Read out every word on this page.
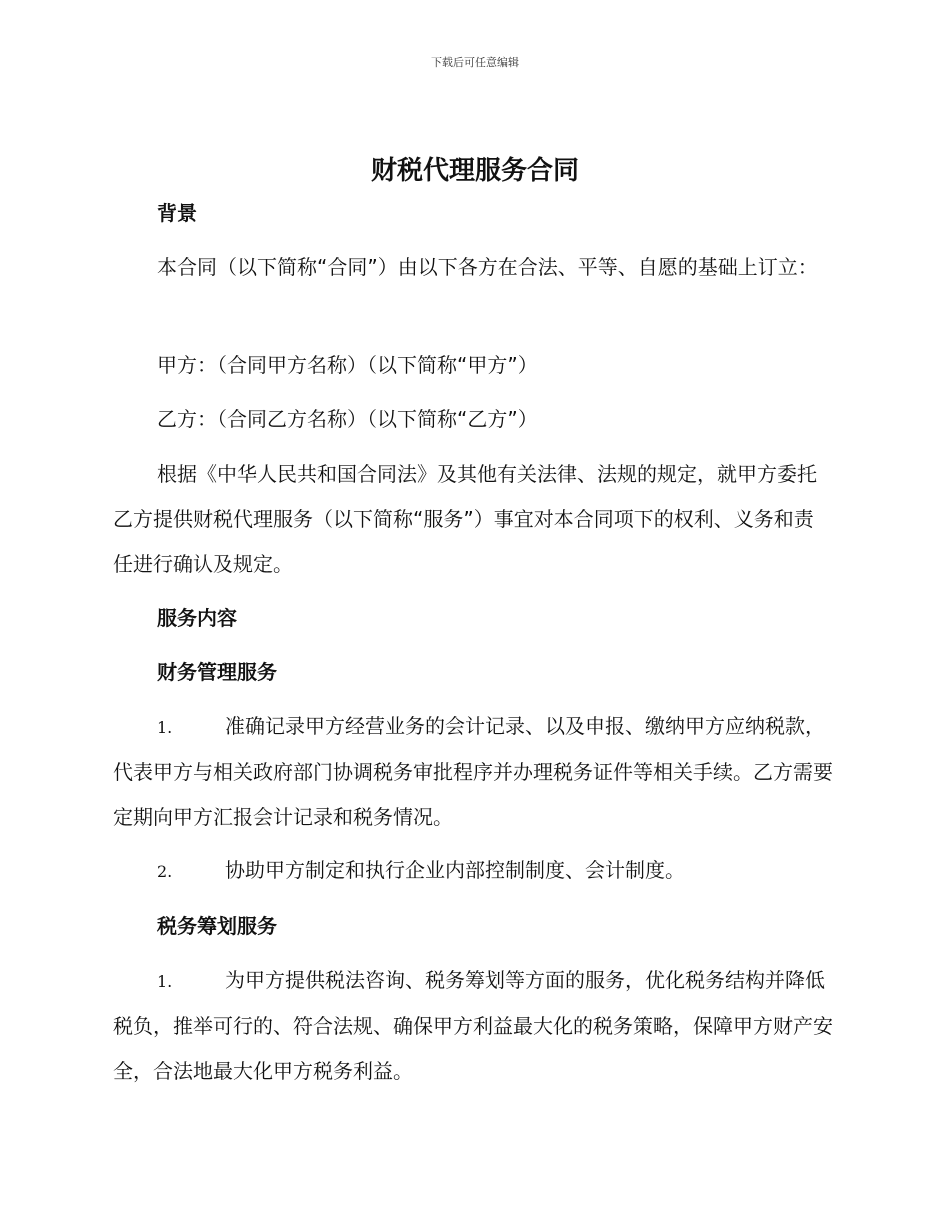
下载后可任意编辑
财税代理服务合同
背景

本合同（以下简称“合同”）由以下各方在合法、平等、自愿的基础上订立：

甲方：（合同甲方名称）（以下简称“甲方”）

乙方：（合同乙方名称）（以下简称“乙方”）

根据《中华人民共和国合同法》及其他有关法律、法规的规定，就甲方委托乙方提供财税代理服务（以下简称“服务”）事宜对本合同项下的权利、义务和责任进行确认及规定。

服务内容
财务管理服务
1.	准确记录甲方经营业务的会计记录、以及申报、缴纳甲方应纳税款，代表甲方与相关政府部门协调税务审批程序并办理税务证件等相关手续。乙方需要定期向甲方汇报会计记录和税务情况。
2.	协助甲方制定和执行企业内部控制制度、会计制度。
税务筹划服务
1.	为甲方提供税法咨询、税务筹划等方面的服务，优化税务结构并降低税负，推举可行的、符合法规、确保甲方利益最大化的税务策略，保障甲方财产安全，合法地最大化甲方税务利益。
